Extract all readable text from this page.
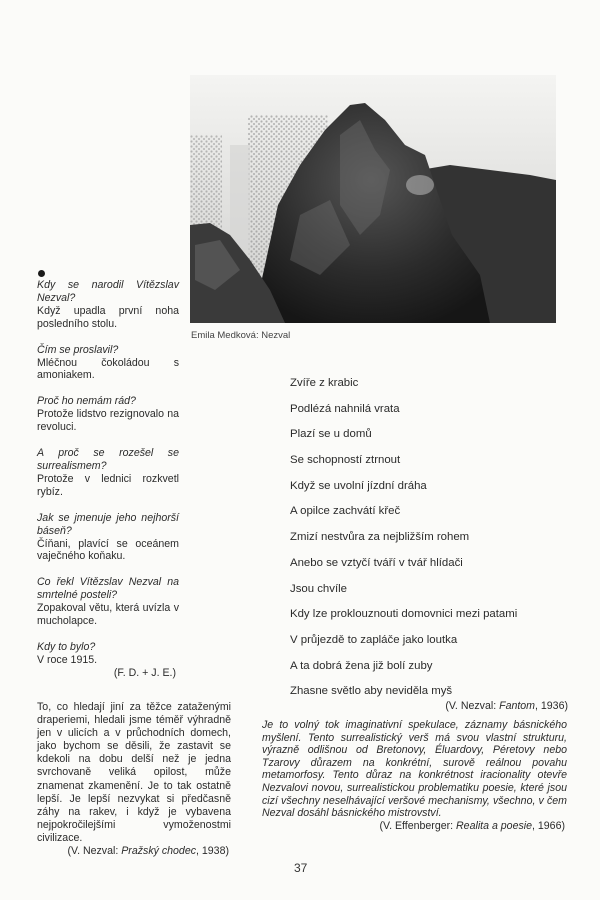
Emila Medková: Nezval
Kdy se narodil Vítězslav Nezval?
Když upadla první noha posledního stolu.
Čím se proslavil?
Mléčnou čokoládou s amoniakem.
Proč ho nemám rád?
Protože lidstvo rezignovalo na revoluci.
A proč se rozešel se surrealismem?
Protože v lednici rozkvetl rybíz.
Jak se jmenuje jeho nejhorší báseň?
Číňani, plavící se oceánem vaječného koňaku.
Co řekl Vítězslav Nezval na smrtelné posteli?
Zopakoval větu, která uvízla v mucholapce.
Kdy to bylo?
V roce 1915.
(F. D. + J. E.)
To, co hledají jiní za těžce zataženými draperiemi, hledali jsme téměř výhradně jen v ulicích a v průchodních domech, jako bychom se děsili, že zastavit se kdekoli na dobu delší než je jedna svrchovaně veliká opilost, může znamenat zkamenění. Je to tak ostatně lepší. Je lepší nezvykat si předčasně záhy na rakev, i když je vybavena nejpokročilejšími vymoženostmi civilizace.
(V. Nezval: Pražský chodec, 1938)
Zvíře z krabic
Podlézá nahnilá vrata
Plazí se u domů
Se schopností ztrnout
Když se uvolní jízdní dráha
A opilce zachvátí křeč
Zmizí nestvůra za nejbližším rohem
Anebo se vztyčí tváří v tvář hlídači
Jsou chvíle
Kdy lze proklouznouti domovnici mezi patami
V průjezdě to zapláče jako loutka
A ta dobrá žena již bolí zuby
Zhasne světlo aby neviděla myš
(V. Nezval: Fantom, 1936)
Je to volný tok imaginativní spekulace, záznamy básnického myšlení. Tento surrealistický verš má svou vlastní strukturu, výrazně odlišnou od Bretonovy, Éluardovy, Péretovy nebo Tzarovy důrazem na konkrétní, surově reálnou povahu metamorfosy. Tento důraz na konkrétnost iracionality otevře Nezvalovi novou, surrealistickou problematiku poesie, které jsou cizí všechny neselhávající veršové mechanismy, všechno, v čem Nezval dosáhl básnického mistrovství.
(V. Effenberger: Realita a poesie, 1966)
37
